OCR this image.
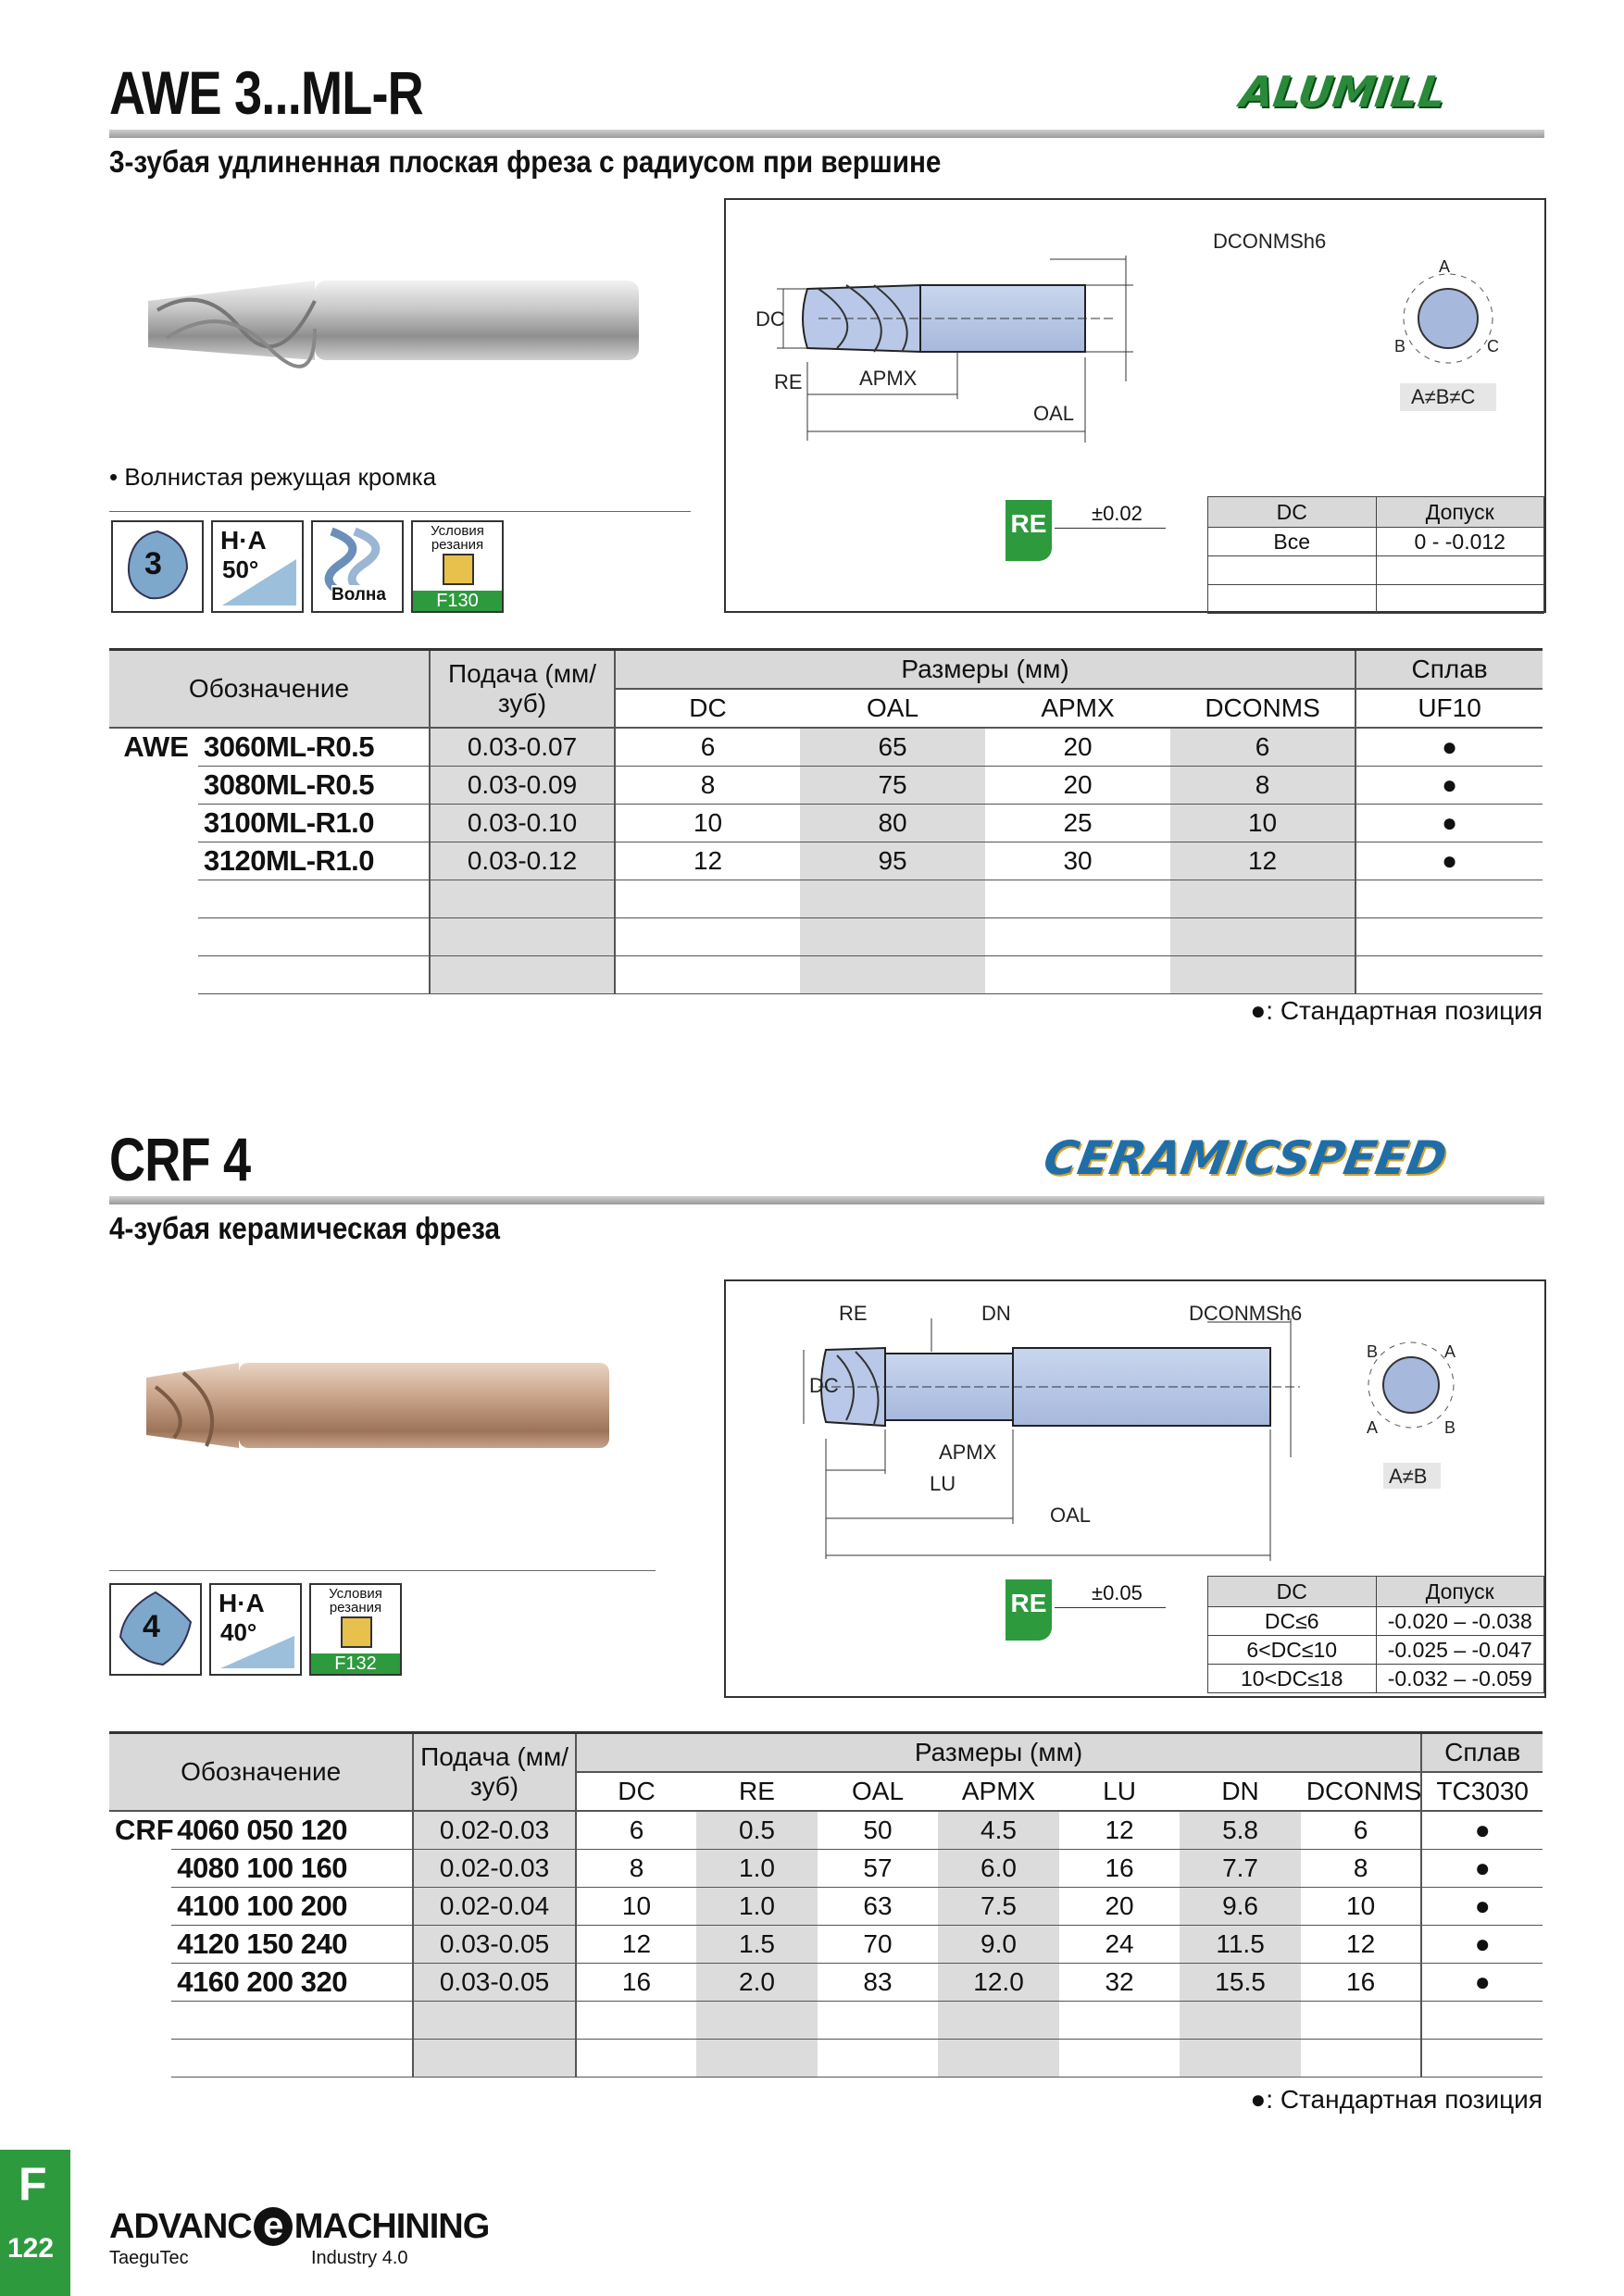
AWE 3...ML-R	ALUMILL
3-зубая удлиненная плоская фреза с радиусом при вершине
• Волнистая режущая кромка
3
H·A
50°
Волна
Условия резания
F130
DCONMSh6
DC
RE	APMX
OAL
A
B	C
A≠B≠C
RE ±0.02	DC	Допуск
Все	0 - -0.012

Обозначение		Подача (мм/зуб)	Размеры (мм)				Сплав
			DC	OAL	APMX	DCONMS	UF10
AWE	3060ML-R0.5	0.03-0.07	6	65	20	6	●
	3080ML-R0.5	0.03-0.09	8	75	20	8	●
	3100ML-R1.0	0.03-0.10	10	80	25	10	●
	3120ML-R1.0	0.03-0.12	12	95	30	12	●

●: Стандартная позиция
CRF 4	CERAMICSPEED
4-зубая керамическая фреза
4
H·A
40°
Условия резания
F132
RE	DN	DCONMSh6
DC
APMX
LU
OAL
B	A
A	B
A≠B
RE ±0.05	DC	Допуск
DC≤6	-0.020 – -0.038
6<DC≤10	-0.025 – -0.047
10<DC≤18	-0.032 – -0.059
Обозначение		Подача (мм/зуб)	Размеры (мм)							Сплав
			DC	RE	OAL	APMX	LU	DN	DCONMS	TC3030
CRF	4060 050 120	0.02-0.03	6	0.5	50	4.5	12	5.8	6	●
	4080 100 160	0.02-0.03	8	1.0	57	6.0	16	7.7	8	●
	4100 100 200	0.02-0.04	10	1.0	63	7.5	20	9.6	10	●
	4120 150 240	0.03-0.05	12	1.5	70	9.0	24	11.5	12	●
	4160 200 320	0.03-0.05	16	2.0	83	12.0	32	15.5	16	●

●: Стандартная позиция
F
122
ADVANC e MACHINING
TaeguTec	Industry 4.0
